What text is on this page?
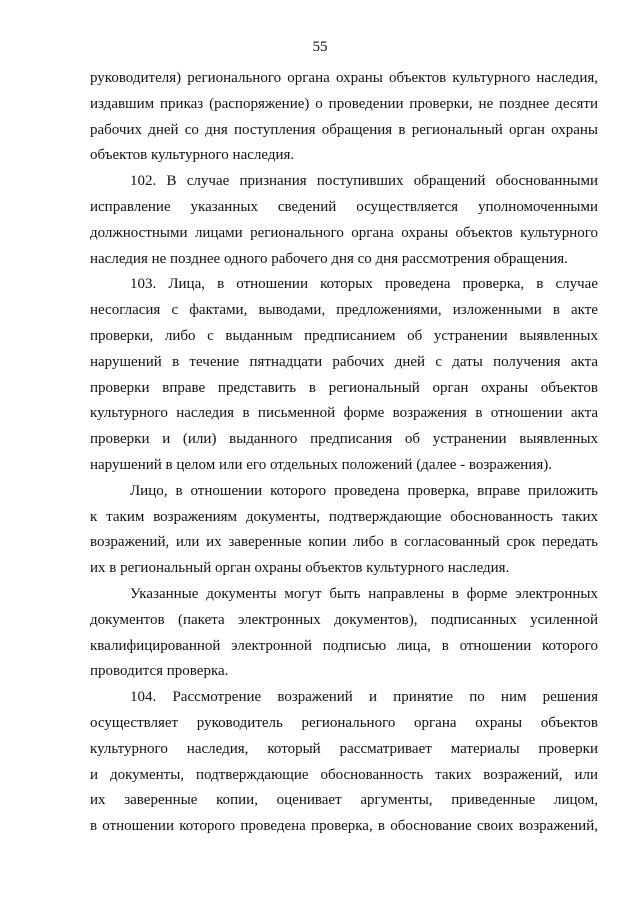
55
руководителя) регионального органа охраны объектов культурного наследия,
издавшим приказ (распоряжение) о проведении проверки, не позднее десяти
рабочих дней со дня поступления обращения в региональный орган охраны
объектов культурного наследия.
102. В случае признания поступивших обращений обоснованными
исправление указанных сведений осуществляется уполномоченными
должностными лицами регионального органа охраны объектов культурного
наследия не позднее одного рабочего дня со дня рассмотрения обращения.
103. Лица, в отношении которых проведена проверка, в случае
несогласия с фактами, выводами, предложениями, изложенными в акте
проверки, либо с выданным предписанием об устранении выявленных
нарушений в течение пятнадцати рабочих дней с даты получения акта
проверки вправе представить в региональный орган охраны объектов
культурного наследия в письменной форме возражения в отношении акта
проверки и (или) выданного предписания об устранении выявленных
нарушений в целом или его отдельных положений (далее - возражения).
Лицо, в отношении которого проведена проверка, вправе приложить
к таким возражениям документы, подтверждающие обоснованность таких
возражений, или их заверенные копии либо в согласованный срок передать
их в региональный орган охраны объектов культурного наследия.
Указанные документы могут быть направлены в форме электронных
документов (пакета электронных документов), подписанных усиленной
квалифицированной электронной подписью лица, в отношении которого
проводится проверка.
104. Рассмотрение возражений и принятие по ним решения
осуществляет руководитель регионального органа охраны объектов
культурного наследия, который рассматривает материалы проверки
и документы, подтверждающие обоснованность таких возражений, или
их заверенные копии, оценивает аргументы, приведенные лицом,
в отношении которого проведена проверка, в обоснование своих возражений,
